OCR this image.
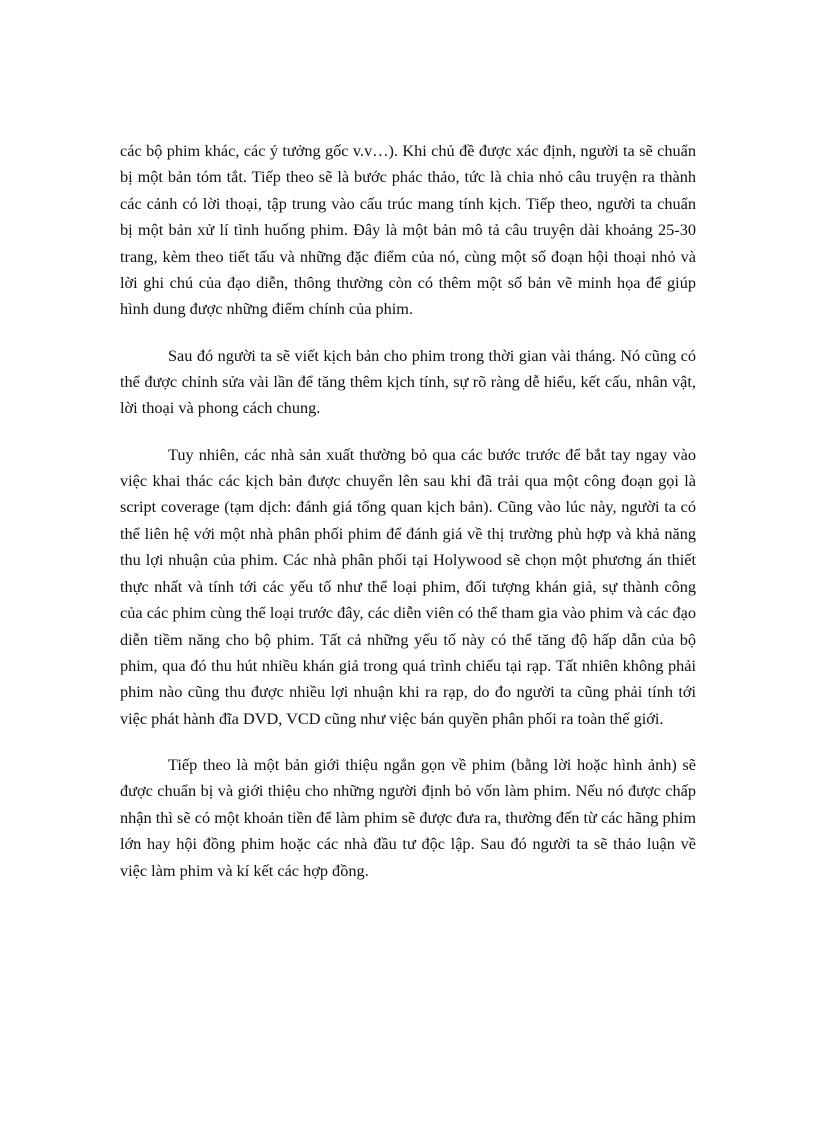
các bộ phim khác, các ý tưởng gốc v.v…). Khi chủ đề được xác định, người ta sẽ chuẩn bị một bản tóm tắt. Tiếp theo sẽ là bước phác thảo, tức là chia nhỏ câu truyện ra thành các cảnh có lời thoại, tập trung vào cấu trúc mang tính kịch. Tiếp theo, người ta chuẩn bị một bản xử lí tình huống phim. Đây là một bản mô tả câu truyện dài khoảng 25-30 trang, kèm theo tiết tấu và những đặc điểm của nó, cùng một số đoạn hội thoại nhỏ và lời ghi chú của đạo diễn, thông thường còn có thêm một số bản vẽ minh họa để giúp hình dung được những điểm chính của phim.

Sau đó người ta sẽ viết kịch bản cho phim trong thời gian vài tháng. Nó cũng có thể được chỉnh sửa vài lần để tăng thêm kịch tính, sự rõ ràng dễ hiểu, kết cấu, nhân vật, lời thoại và phong cách chung.

Tuy nhiên, các nhà sản xuất thường bỏ qua các bước trước để bắt tay ngay vào việc khai thác các kịch bản được chuyển lên sau khi đã trải qua một công đoạn gọi là script coverage (tạm dịch: đánh giá tổng quan kịch bản). Cũng vào lúc này, người ta có thể liên hệ với một nhà phân phối phim để đánh giá về thị trường phù hợp và khả năng thu lợi nhuận của phim. Các nhà phân phối tại Holywood sẽ chọn một phương án thiết thực nhất và tính tới các yếu tố như thể loại phim, đối tượng khán giả, sự thành công của các phim cùng thể loại trước đây, các diễn viên có thể tham gia vào phim và các đạo diễn tiềm năng cho bộ phim. Tất cả những yếu tố này có thể tăng độ hấp dẫn của bộ phim, qua đó thu hút nhiều khán giả trong quá trình chiếu tại rạp. Tất nhiên không phải phim nào cũng thu được nhiều lợi nhuận khi ra rạp, do đo người ta cũng phải tính tới việc phát hành đĩa DVD, VCD cũng như việc bán quyền phân phối ra toàn thế giới.

Tiếp theo là một bản giới thiệu ngắn gọn về phim (bằng lời hoặc hình ảnh) sẽ được chuẩn bị và giới thiệu cho những người định bỏ vốn làm phim. Nếu nó được chấp nhận thì sẽ có một khoản tiền để làm phim sẽ được đưa ra, thường đến từ các hãng phim lớn hay hội đồng phim hoặc các nhà đầu tư độc lập. Sau đó người ta sẽ thảo luận về việc làm phim và kí kết các hợp đồng.
